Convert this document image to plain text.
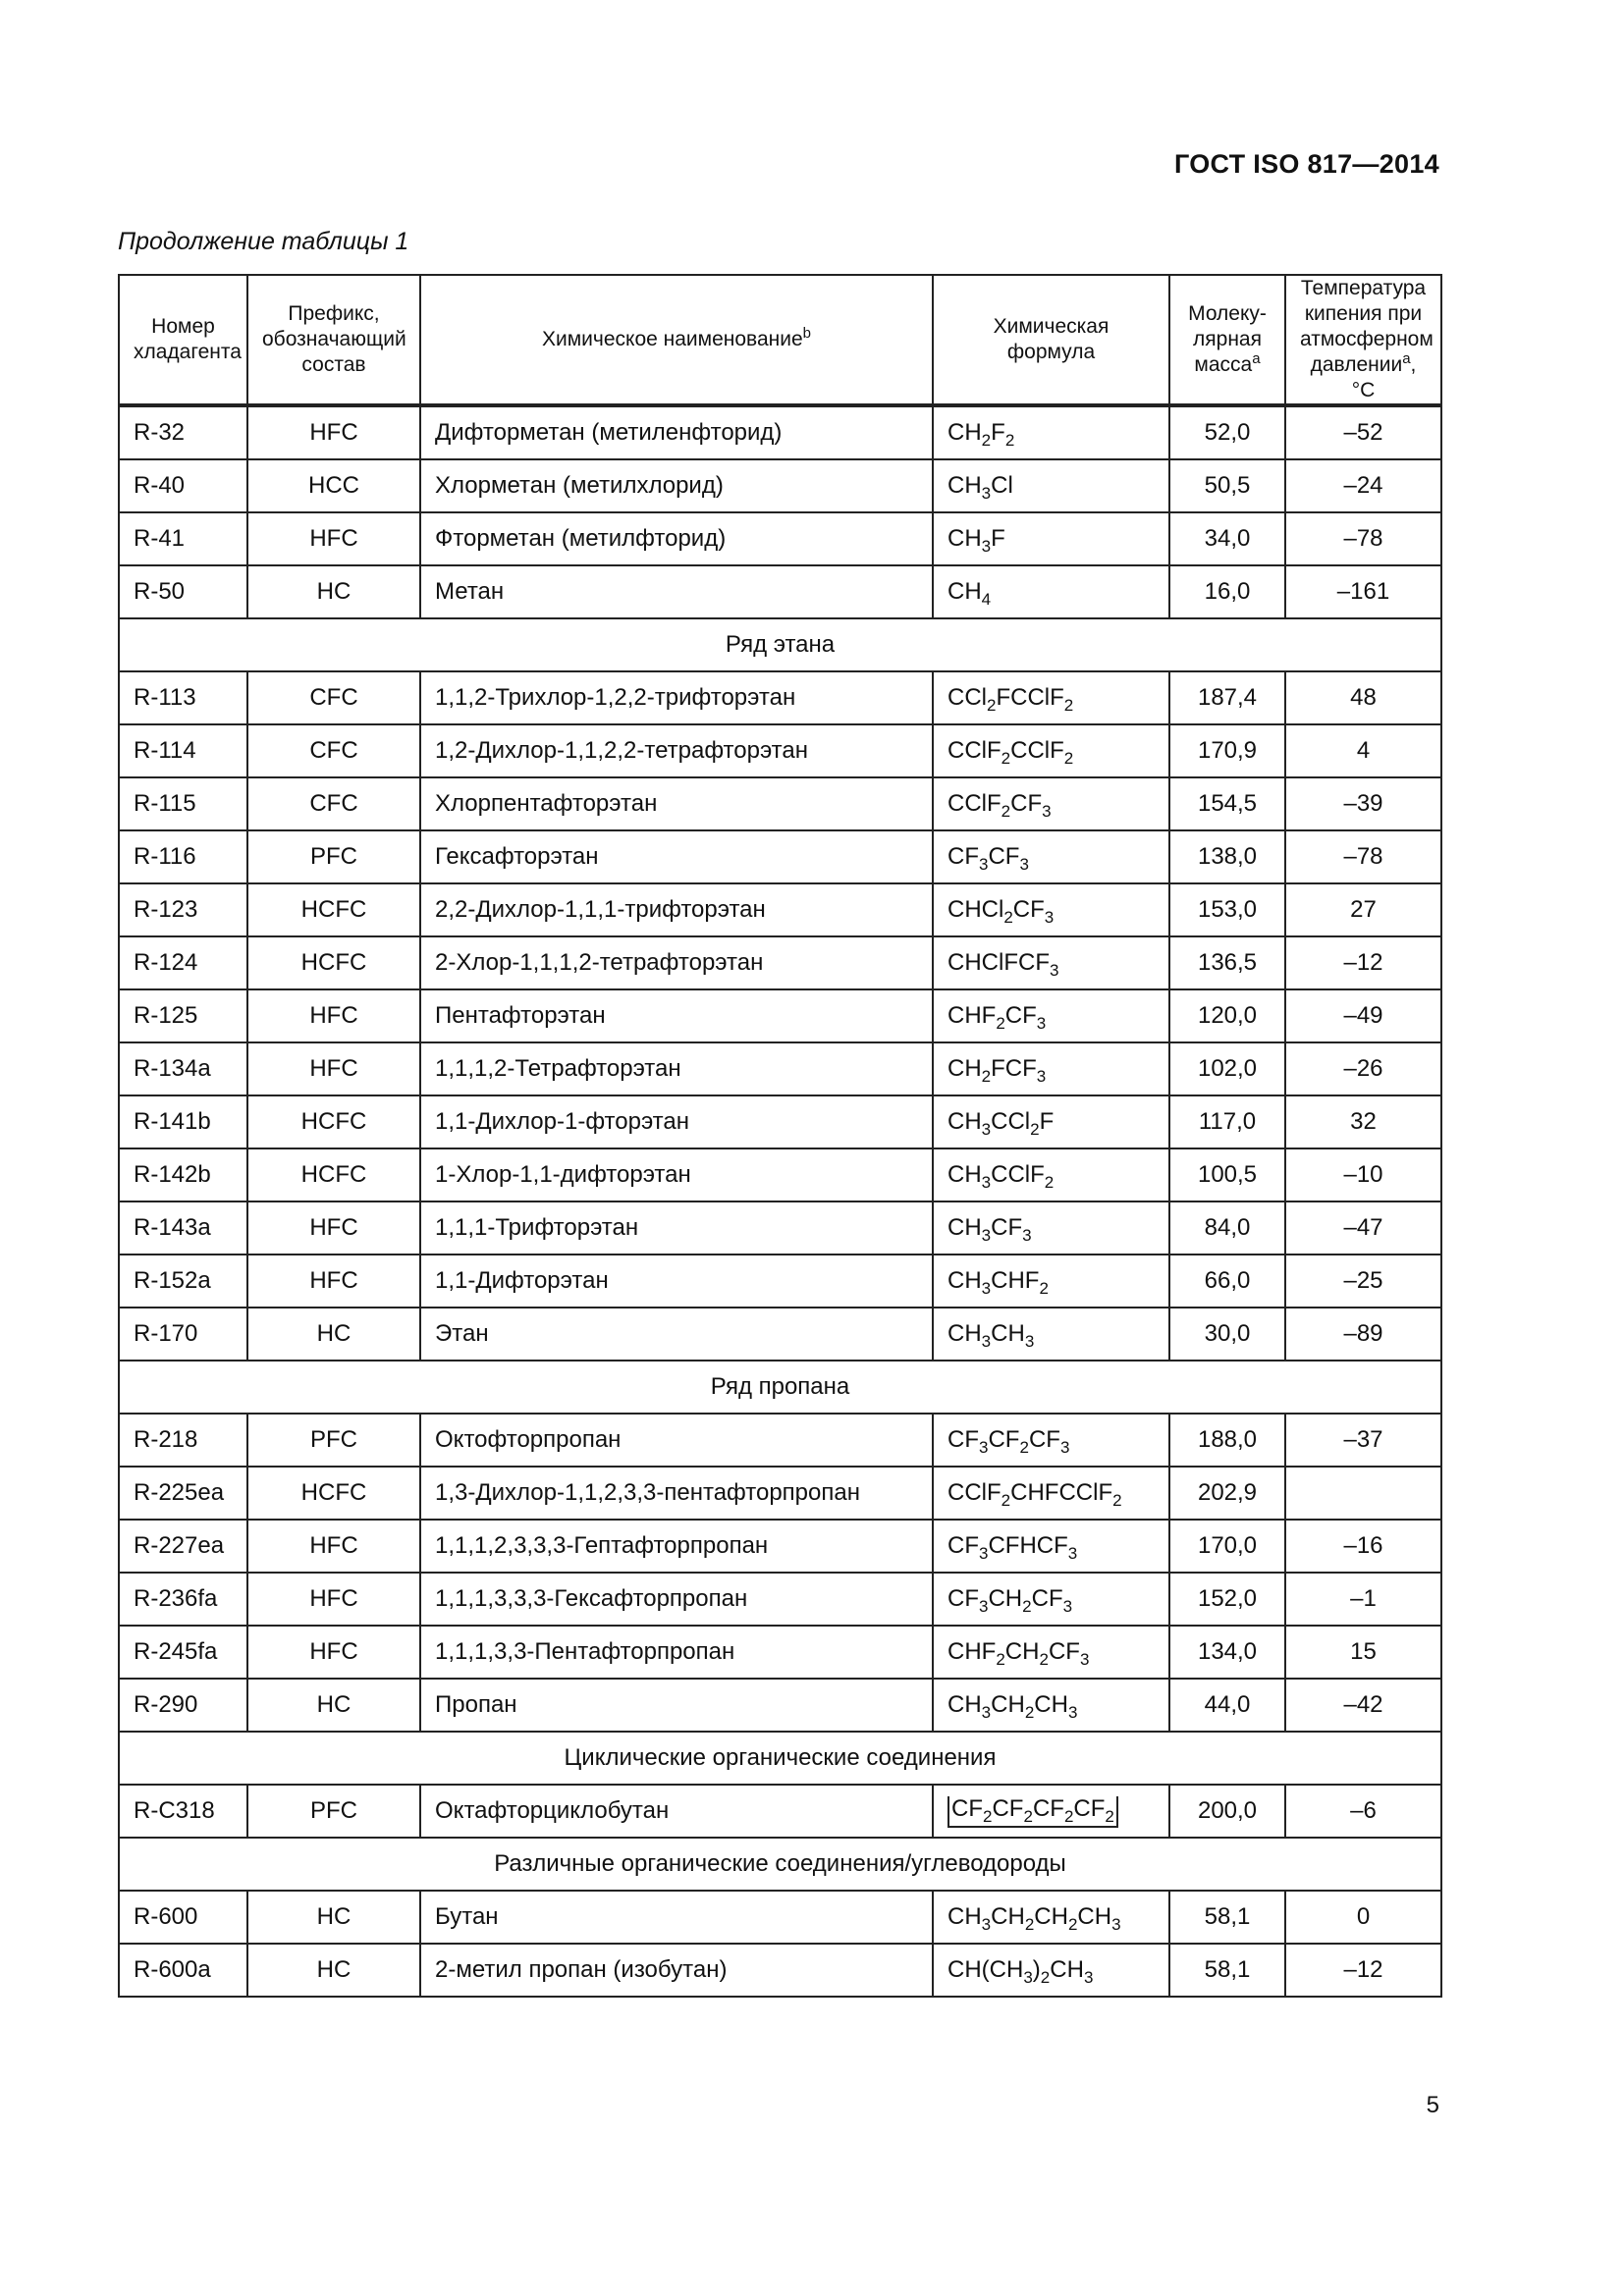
ГОСТ ISO 817—2014
Продолжение таблицы 1
Номер хладагента	Префикс, обозначающий состав	Химическое наименование$^b$	Химическая формула	Молеку-лярная масса$^a$	Температура кипения при атмосферном давлении$^a$, °C
R-32	HFC	Дифторметан (метиленфторид)	$CH_2F_2$	52,0	–52
R-40	HCC	Хлорметан (метилхлорид)	$CH_3Cl$	50,5	–24
R-41	HFC	Фторметан (метилфторид)	$CH_3F$	34,0	–78
R-50	HC	Метан	$CH_4$	16,0	–161
Ряд этана					
R-113	CFC	1,1,2-Трихлор-1,2,2-трифторэтан	CCl$_2$FCClF$_2$	187,4	48
R-114	CFC	1,2-Дихлор-1,1,2,2-тетрафторэтан	CClF$_2$CClF$_2$	170,9	4
R-115	CFC	Хлорпентафторэтан	$CClF_2CF_3$	154,5	–39
R-116	PFC	Гексафторэтан	$CF_3CF_3$	138,0	–78
R-123	HCFC	2,2-Дихлор-1,1,1-трифторэтан	$CHCl_2CF_3$	153,0	27
R-124	HCFC	2-Хлор-1,1,1,2-тетрафторэтан	CHClFCF$_3$	136,5	–12
R-125	HFC	Пентафторэтан	$CHF_2CF_3$	120,0	–49
R-134a	HFC	1,1,1,2-Тетрафторэтан	$CH_2FCF_3$	102,0	–26
R-141b	HCFC	1,1-Дихлор-1-фторэтан	$CH_3CCl_2F$	117,0	32
R-142b	HCFC	1-Хлор-1,1-дифторэтан	$CH_3CClF_2$	100,5	–10
R-143a	HFC	1,1,1-Трифторэтан	$CH_3CF_3$	84,0	–47
R-152a	HFC	1,1-Дифторэтан	$CH_3CHF_2$	66,0	–25
R-170	HC	Этан	$CH_3CH_3$	30,0	–89
Ряд пропана					
R-218	PFC	Октофторпропан	$CF_3CF_2CF_3$	188,0	–37
R-225ea	HCFC	1,3-Дихлор-1,1,2,3,3-пентафторпропан	CClF$_2$CHFCClF$_2$	202,9	
R-227ea	HFC	1,1,1,2,3,3,3-Гептафторпропан	$CF_3CFHCF_3$	170,0	–16
R-236fa	HFC	1,1,1,3,3,3-Гексафторпропан	$CF_3CH_2CF_3$	152,0	–1
R-245fa	HFC	1,1,1,3,3-Пентафторпропан	$CHF_2CH_2CF_3$	134,0	15
R-290	HC	Пропан	$CH_3CH_2CH_3$	44,0	–42
Циклические органические соединения					
R-C318	PFC	Октафторциклобутан	$CF_2CF_2CF_2CF_2$	200,0	–6
Различные органические соединения/углеводороды					
R-600	HC	Бутан	$CH_3CH_2CH_2CH_3$	58,1	0
R-600a	HC	2-метил пропан (изобутан)	$CH(CH_3)_2CH_3$	58,1	–12
5
